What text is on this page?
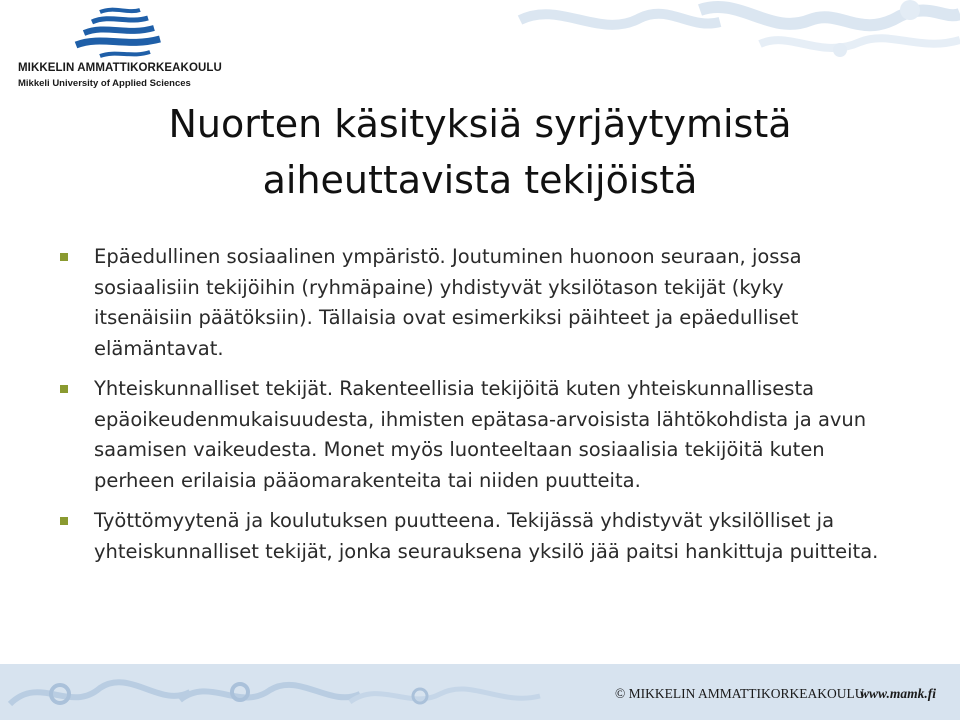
MIKKELIN AMMATTIKORKEAKOULU
Mikkeli University of Applied Sciences
Nuorten käsityksiä syrjäytymistä
aiheuttavista tekijöistä
Epäedullinen sosiaalinen ympäristö. Joutuminen huonoon seuraan, jossa sosiaalisiin tekijöihin (ryhmäpaine) yhdistyvät yksilötason tekijät (kyky itsenäisiin päätöksiin). Tällaisia ovat esimerkiksi päihteet ja epäedulliset elämäntavat.
Yhteiskunnalliset tekijät. Rakenteellisia tekijöitä kuten yhteiskunnallisesta epäoikeudenmukaisuudesta, ihmisten epätasa-arvoisista lähtökohdista ja avun saamisen vaikeudesta. Monet myös luonteeltaan sosiaalisia tekijöitä kuten perheen erilaisia pääomarakenteita tai niiden puutteita.
Työttömyytenä ja koulutuksen puutteena. Tekijässä yhdistyvät yksilölliset ja yhteiskunnalliset tekijät, jonka seurauksena yksilö jää paitsi hankittuja puitteita.
© MIKKELIN AMMATTIKORKEAKOULU
www.mamk.fi
